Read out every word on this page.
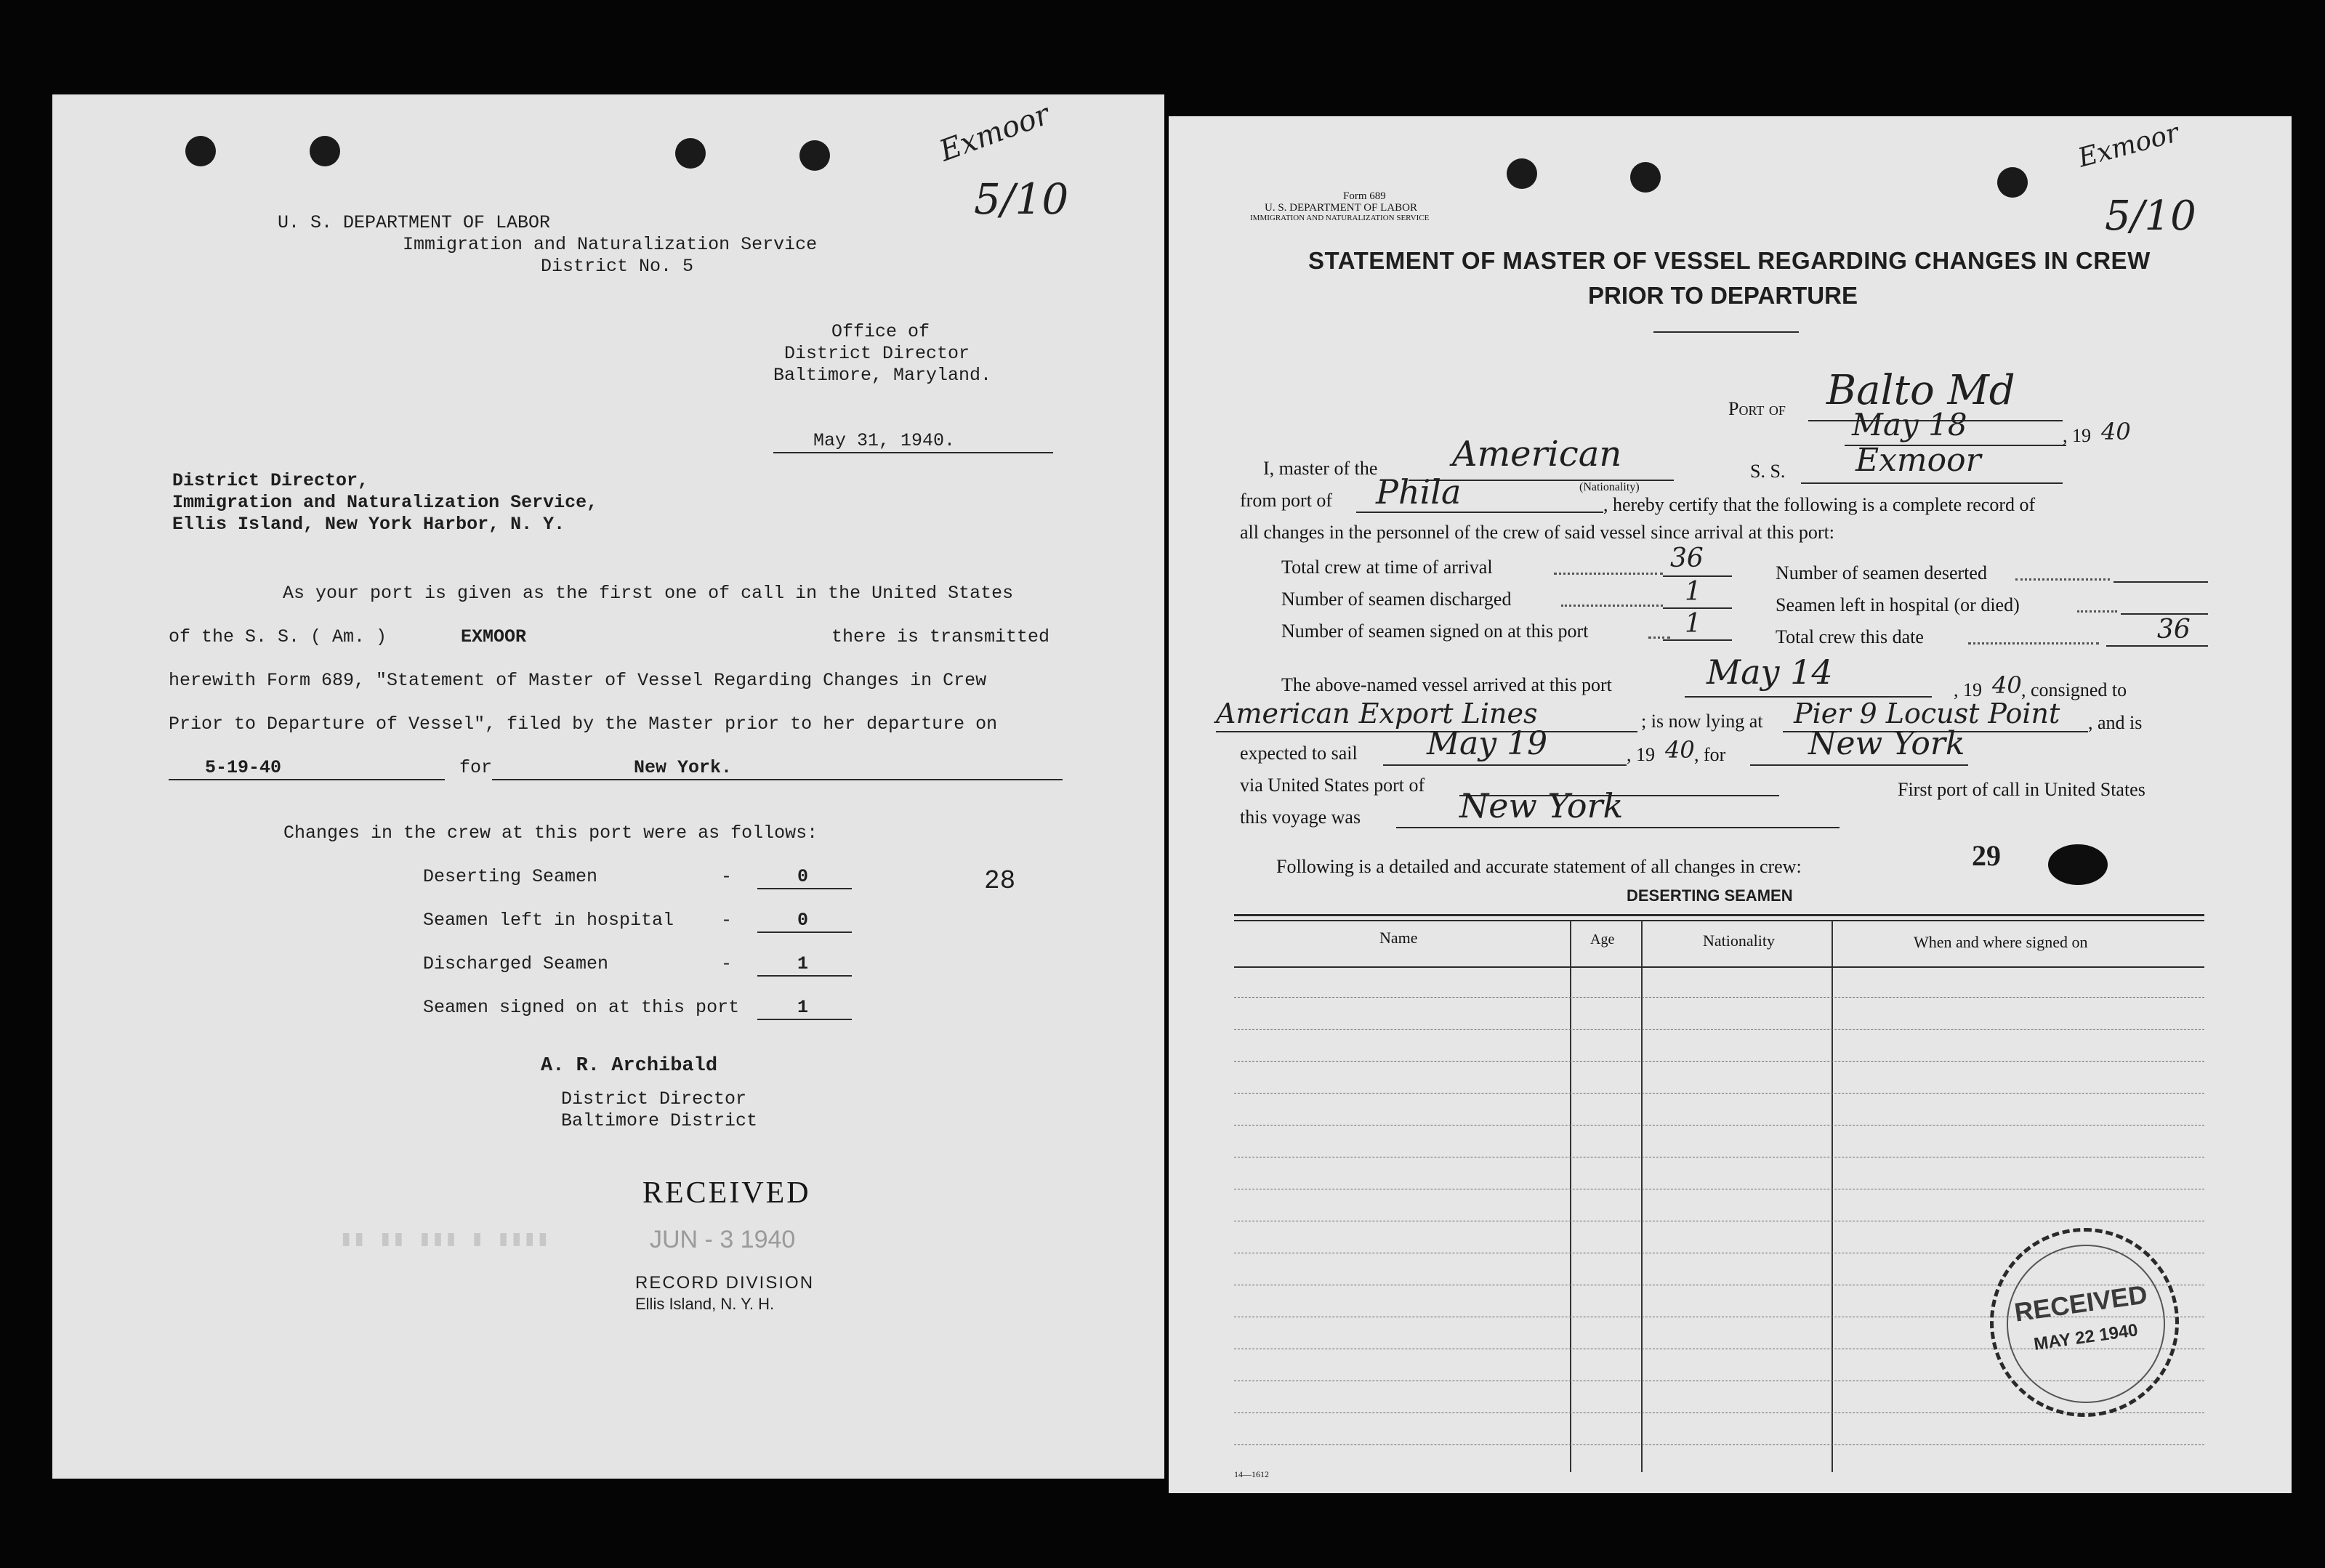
Exmoor
5/10
U. S. DEPARTMENT OF LABOR
Immigration and Naturalization Service
District No. 5
Office of
District Director
Baltimore, Maryland.
May 31, 1940.
District Director,
Immigration and Naturalization Service,
Ellis Island, New York Harbor, N. Y.
As your port is given as the first one of call in the United States
of the S. S. ( Am. )	EXMOOR	there is transmitted
herewith Form 689, "Statement of Master of Vessel Regarding Changes in Crew
Prior to Departure of Vessel", filed by the Master prior to her departure on
5-19-40	for	New York.
Changes in the crew at this port were as follows:
Deserting Seamen	-	0
Seamen left in hospital	-	0
Discharged Seamen	-	1
Seamen signed on at this port	1
28
A. R. Archibald
District Director
Baltimore District
RECEIVED
JUN - 3 1940
RECORD DIVISION
Ellis Island, N. Y. H.
▮▮ ▮▮ ▮▮▮ ▮ ▮▮▮▮
Exmoor
5/10
Form 689
U. S. DEPARTMENT OF LABOR
IMMIGRATION AND NATURALIZATION SERVICE
STATEMENT OF MASTER OF VESSEL REGARDING CHANGES IN CREW
PRIOR TO DEPARTURE
Port of Balto Md
May 18	, 19 40
I, master of the American
(Nationality)
S. S. Exmoor
from port of Phila	, hereby certify that the following is a complete record of
all changes in the personnel of the crew of said vessel since arrival at this port:
Total crew at time of arrival	36
Number of seamen discharged	1
Number of seamen signed on at this port	1
Number of seamen deserted
Seamen left in hospital (or died)
Total crew this date	36
The above-named vessel arrived at this port	May 14	, 19 40 , consigned to
American Export Lines	; is now lying at Pier 9 Locust Point , and is
expected to sail May 19	, 19 40 , for	New York
via United States port of	First port of call in United States
this voyage was	New York
Following is a detailed and accurate statement of all changes in crew:	29
DESERTING SEAMEN
Name	Age	Nationality	When and where signed on
14—1612
RECEIVED
MAY 22 1940
